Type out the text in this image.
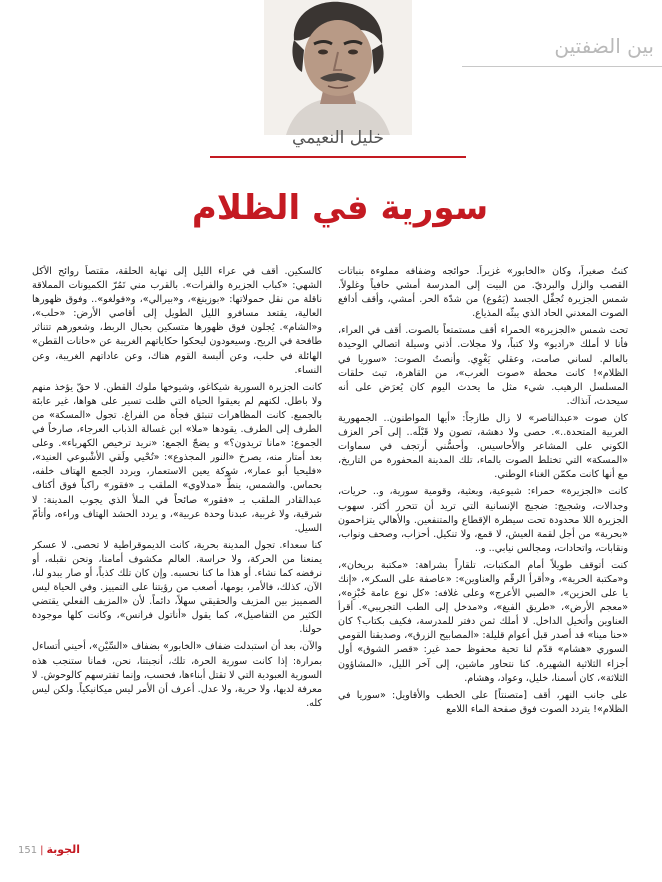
بين الضفتين
خليل النعيمي
سورية في الظلام

كنتُ صغيراً، وكان «الخابور» غزيراً. حوائجه وضفافه مملوءة بنباتات القصب والزل والبرديّ. من البيت إلى المدرسة أمشي حافياً وغلولاً. شمس الجزيرة تُجفِّل الجسد (يَمُوع) من شدّة الحر. أمشي، وأقف أدافع الصوت المعدني الحاد الذي يبثّه المذياع.

تحت شمس «الجزيرة» الحمراء أقف مستمتعاً بالصوت. أقف في العراء، فأنا لا أملك «راديو» ولا كتباً، ولا مجلات. أذني وسيلة اتصالي الوحيدة بالعالم. لساني صامت، وعقلي يَغْوِي. وأنصتُ الصوت: «سوريا في الظلام»! كانت محطة «صوت العرب»، من القاهرة، تبث حلقات المسلسل الرهيب. شيء مثل ما يحدث اليوم كان يُعرَض على أنه سيحدث، آنذاك.

كان صوت «عبدالناصر» لا زال طازجاً: «أيها المواطنون.. الجمهورية العربية المتحدة..». حصى ولا دهشة، تصون ولا قَبْلَه.. إلى آخر العزف الكوني على المشاعر والأحاسيس. وأحسُّني أرتجف في سماوات «المسكة» التي تختلط الصوت بالماء، تلك المدينة المحفورة من التاريخ، مع أنها كانت مكمّن الغناء الوطني.

كانت «الجزيرة» حمراء: شيوعية، وبعثية، وقومية سورية، و.. حريات، وجدالات، وشجيج: ضجيج الإنسانية التي تريد أن تتحرر أكثر. سهوب الجزيرة اللا محدودة تحت سيطرة الإقطاع والمتنفعين. والأهالي يتزاحمون «بحرية» من أجل لقمة العيش، لا قمع، ولا تنكيل. أحزاب، وصحف ونواب، ونقابات، واتحادات، ومجالس نيابي.. و..

كنت أتوقف طويلاً أمام المكتبات، تلقاراً بشراهة: «مكتبة بريخان»، و«مكتبة الحرية»، و«أقرأ الرقّم والعناوين»: «عاصفة على السكر»، «إنك يا على الحزين»، «الصبي الأعرج» وعلى غلافه: «كل نوع عامة خُبْزِه»، «معجم الأرض»، «طريق الفيغ»، و«مدخل إلى الطب التجريبي». أقرأ العناوين وأتخيل الداخل. لا أملك ثمن دفتر للمدرسة، فكيف بكتاب؟ كان «حنا مينا» قد أصدر قبل أعوام قليلة: «المصابيح الزرق»، وصديقنا القومي السوري «هشام» قدّم لنا تحية محفوظ حمد غير: «قصر الشوق» أول أجزاء الثلاثية الشهيرة. كنا نتحاور ماشين، إلى آخر الليل، «المشاؤون الثلاثة»، كان أسمنا، خليل، وعواد، وهشام.

على جانب النهر، أقف [متصنتاً] على الخطب والأقاويل: «سوريا في الظلام»! يتردد الصوت فوق صفحة الماء اللامع

كالسكين. أقف في عراء الليل إلى نهاية الحلقة، مقتصاً روائح الأُكل الشهي: «كباب الجزيرة والفرات». بالقرب مني تَمُرّ الكميونات المملاقة ناقلة من نقل حمولاتها: «بوزينغ»، و«بيرالي»، و«فولغو».. وفوق ظهورها العالية، يقتعد مسافرو الليل الطويل إلى أقاصي الأرض: «حلب»، و«الشام». يُجلون فوق ظهورها متسكين بحبال الربط، وشعورهم تتناثر طافحة في الريح. وسيعودون ليحكوا حكاياتهم الغريبة عن «حانات القطن» الهائلة في حلب، وعن ألبسة القوم هناك، وعن عاداتهم الغريبة، وعن النساء.

كانت الجزيرة السورية شيكاغو، وشيوخها ملوك القطن. لا حقّ يؤخذ منهم ولا باطل. لكنهم لم يعيقوا الحياة التي ظلت تسير على هواها، غير عابئة بالجميع. كانت المظاهرات تنبثق فجأة من الفراغ. تجول «المسكة» من الطرف إلى الطرف. يقودها «ملا» ابن غسالة الذباب العرجاء، صارخاً في الجموع: «مانا تريدون؟» و يضجّ الجمع: «نريد ترخيص الكهرباء». وعلى بعد أمتار منه، يصرخ «النور المجذوع»: «تُحْيي ولَقي الأشْبوعي العنيد»، «فليحيا أبو عمار»، شوكة يعين الاستعمار، ويردد الجمع الهتاف خلفه، بحماس. والشمس، ينطُّ «مدلاوي» الملقب بـ «فقور» راكباً فوق أكتاف عبدالقادر الملقب بـ «فقور» صائحاً في الملأ الذي يجوب المدينة: لا شرقية، ولا غربية، عبدنا وحدة عربية»، و يردد الحشد الهتاف وراءه، وأتأمّ السيل.

كنا سعداء. تجول المدينة بحرية، كانت الديموقراطية لا تحصى. لا عسكر يمنعنا من الحركة، ولا حراسة. العالم مكشوف أمامنا، ونحن نقبله، أو نرفضه كما نشاء. أو هذا ما كنا نحسبه. وإن كان تلك كذباً، أو صار يبدو لنا، الآن، كذلك، فالأمر، يومها، أصعب من رؤيتنا على التمييز. وفي الحياة ليس الصمييز بين المزيف والحقيقي سهلاً، دائماً. لأن «المزيف الفعلي يقتضي الكثير من التفاصيل»، كما يقول «أناتول فرانس»، وكانت كلها موجودة حولنا.

والآن، بعد أن استبدلت ضفاف «الخابور» بضفاف «السِّيْن»، أحيني أتساءل بمرارة: إذا كانت سورية الحرة، تلك، أنجبتنا، نحن، فمانا ستنجب هذه السورية العبودية التي لا تقتل أبناءها، فحسب، وإنما تفترسهم كالوحوش. لا معرفة لديها، ولا حرية، ولا عدل. أعرف أن الأمر ليس ميكانيكياً. ولكن ليس كله.

151 | الجوبة
